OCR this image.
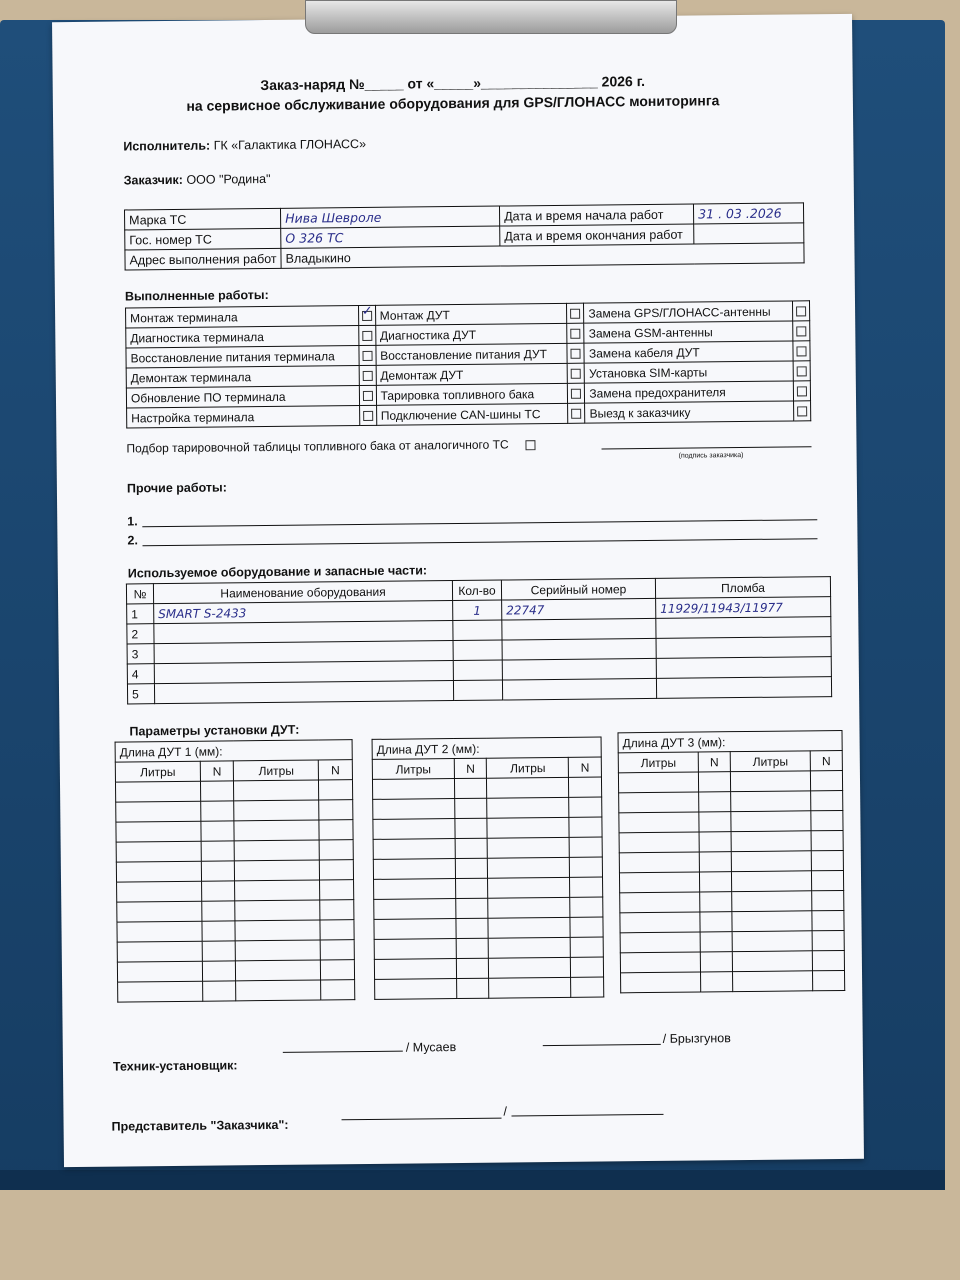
Заказ-наряд №_____ от «_____»_______________ 2026 г.
на сервисное обслуживание оборудования для GPS/ГЛОНАСС мониторинга
Исполнитель: ГК «Галактика ГЛОНАСС»
Заказчик: ООО "Родина"
Марка ТС	Нива Шевроле	Дата и время начала работ	31 . 03 .2026
Гос. номер ТС	О 326 ТС	Дата и время окончания работ	
Адрес выполнения работ	Владыкино		
Выполненные работы:
Монтаж терминала	✓	Монтаж ДУТ		Замена GPS/ГЛОНАСС-антенны	
Диагностика терминала		Диагностика ДУТ		Замена GSM-антенны	
Восстановление питания терминала		Восстановление питания ДУТ		Замена кабеля ДУТ	
Демонтаж терминала		Демонтаж ДУТ		Установка SIM-карты	
Обновление ПО терминала		Тарировка топливного бака		Замена предохранителя	
Настройка терминала		Подключение CAN-шины ТС		Выезд к заказчику	
Подбор тарировочной таблицы топливного бака от аналогичного ТС
(подпись заказчика)
Прочие работы:
1.
2.
Используемое оборудование и запасные части:
№	Наименование оборудования	Кол-во	Серийный номер	Пломба
1	SMART S-2433	1	22747	11929/11943/11977
2				
3				
4				
5				
Параметры установки ДУТ:
Длина ДУТ 1 (мм):			
Литры	N	Литры	N

Длина ДУТ 2 (мм):			
Литры	N	Литры	N

Длина ДУТ 3 (мм):			
Литры	N	Литры	N

Техник-установщик:
/ Мусаев
/ Брызгунов
Представитель "Заказчика":
/
